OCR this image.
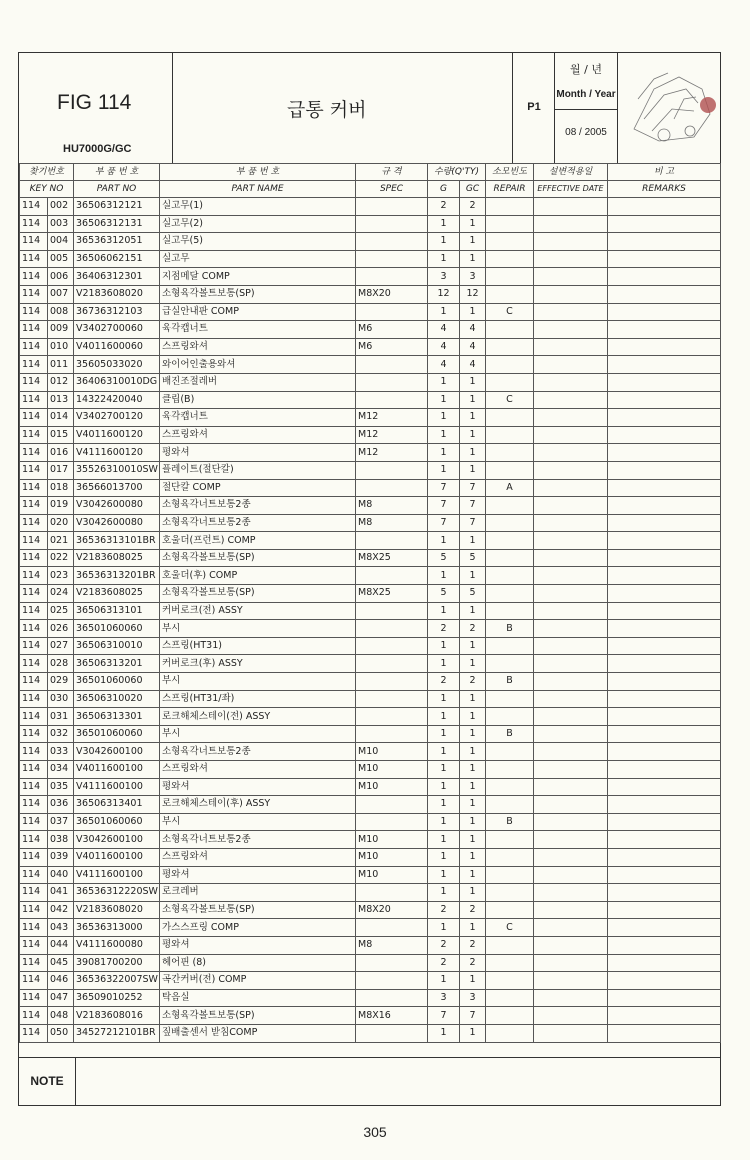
FIG 114
HU7000G/GC
급통 커버	P1
월 / 년
Month / Year
08 / 2005
찾기번호		부 품 번 호	부 품 번 호	규 격	수량(Q'TY)		소모빈도	설변적용일	비 고
KEY NO		PART NO	PART NAME	SPEC	G	GC	REPAIR	EFFECTIVE DATE	REMARKS
114	002	36506312121	실고무(1)		2	2			
114	003	36506312131	실고무(2)		1	1			
114	004	36536312051	실고무(5)		1	1			
114	005	36506062151	실고무		1	1			
114	006	36406312301	지점메달 COMP		3	3			
114	007	V2183608020	소형육각볼트보통(SP)	M8X20	12	12			
114	008	36736312103	급실안내판 COMP		1	1	C		
114	009	V3402700060	육각캡너트	M6	4	4			
114	010	V4011600060	스프링와셔	M6	4	4			
114	011	35605033020	와이어인출용와셔		4	4			
114	012	36406310010DG	배진조절레버		1	1			
114	013	14322420040	클립(B)		1	1	C		
114	014	V3402700120	육각캡너트	M12	1	1			
114	015	V4011600120	스프링와셔	M12	1	1			
114	016	V4111600120	평와셔	M12	1	1			
114	017	35526310010SW	플레이트(절단칼)		1	1			
114	018	36566013700	절단칼 COMP		7	7	A		
114	019	V3042600080	소형육각너트보통2종	M8	7	7			
114	020	V3042600080	소형육각너트보통2종	M8	7	7			
114	021	36536313101BR	호울더(프런트) COMP		1	1			
114	022	V2183608025	소형육각볼트보통(SP)	M8X25	5	5			
114	023	36536313201BR	호울더(후) COMP		1	1			
114	024	V2183608025	소형육각볼트보통(SP)	M8X25	5	5			
114	025	36506313101	커버로크(전) ASSY		1	1			
114	026	36501060060	부시		2	2	B		
114	027	36506310010	스프링(HT31)		1	1			
114	028	36506313201	커버로크(후) ASSY		1	1			
114	029	36501060060	부시		2	2	B		
114	030	36506310020	스프링(HT31/좌)		1	1			
114	031	36506313301	로크해체스테이(전) ASSY		1	1			
114	032	36501060060	부시		1	1	B		
114	033	V3042600100	소형육각너트보통2종	M10	1	1			
114	034	V4011600100	스프링와셔	M10	1	1			
114	035	V4111600100	평와셔	M10	1	1			
114	036	36506313401	로크해체스테이(후) ASSY		1	1			
114	037	36501060060	부시		1	1	B		
114	038	V3042600100	소형육각너트보통2종	M10	1	1			
114	039	V4011600100	스프링와셔	M10	1	1			
114	040	V4111600100	평와셔	M10	1	1			
114	041	36536312220SW	로크레버		1	1			
114	042	V2183608020	소형육각볼트보통(SP)	M8X20	2	2			
114	043	36536313000	가스스프링 COMP		1	1	C		
114	044	V4111600080	평와셔	M8	2	2			
114	045	39081700200	헤어핀 (8)		2	2			
114	046	36536322007SW	곡간커버(전) COMP		1	1			
114	047	36509010252	탁음실		3	3			
114	048	V2183608016	소형육각볼트보통(SP)	M8X16	7	7			
114	050	34527212101BR	짚배출센서 받침COMP		1	1			
NOTE
305
